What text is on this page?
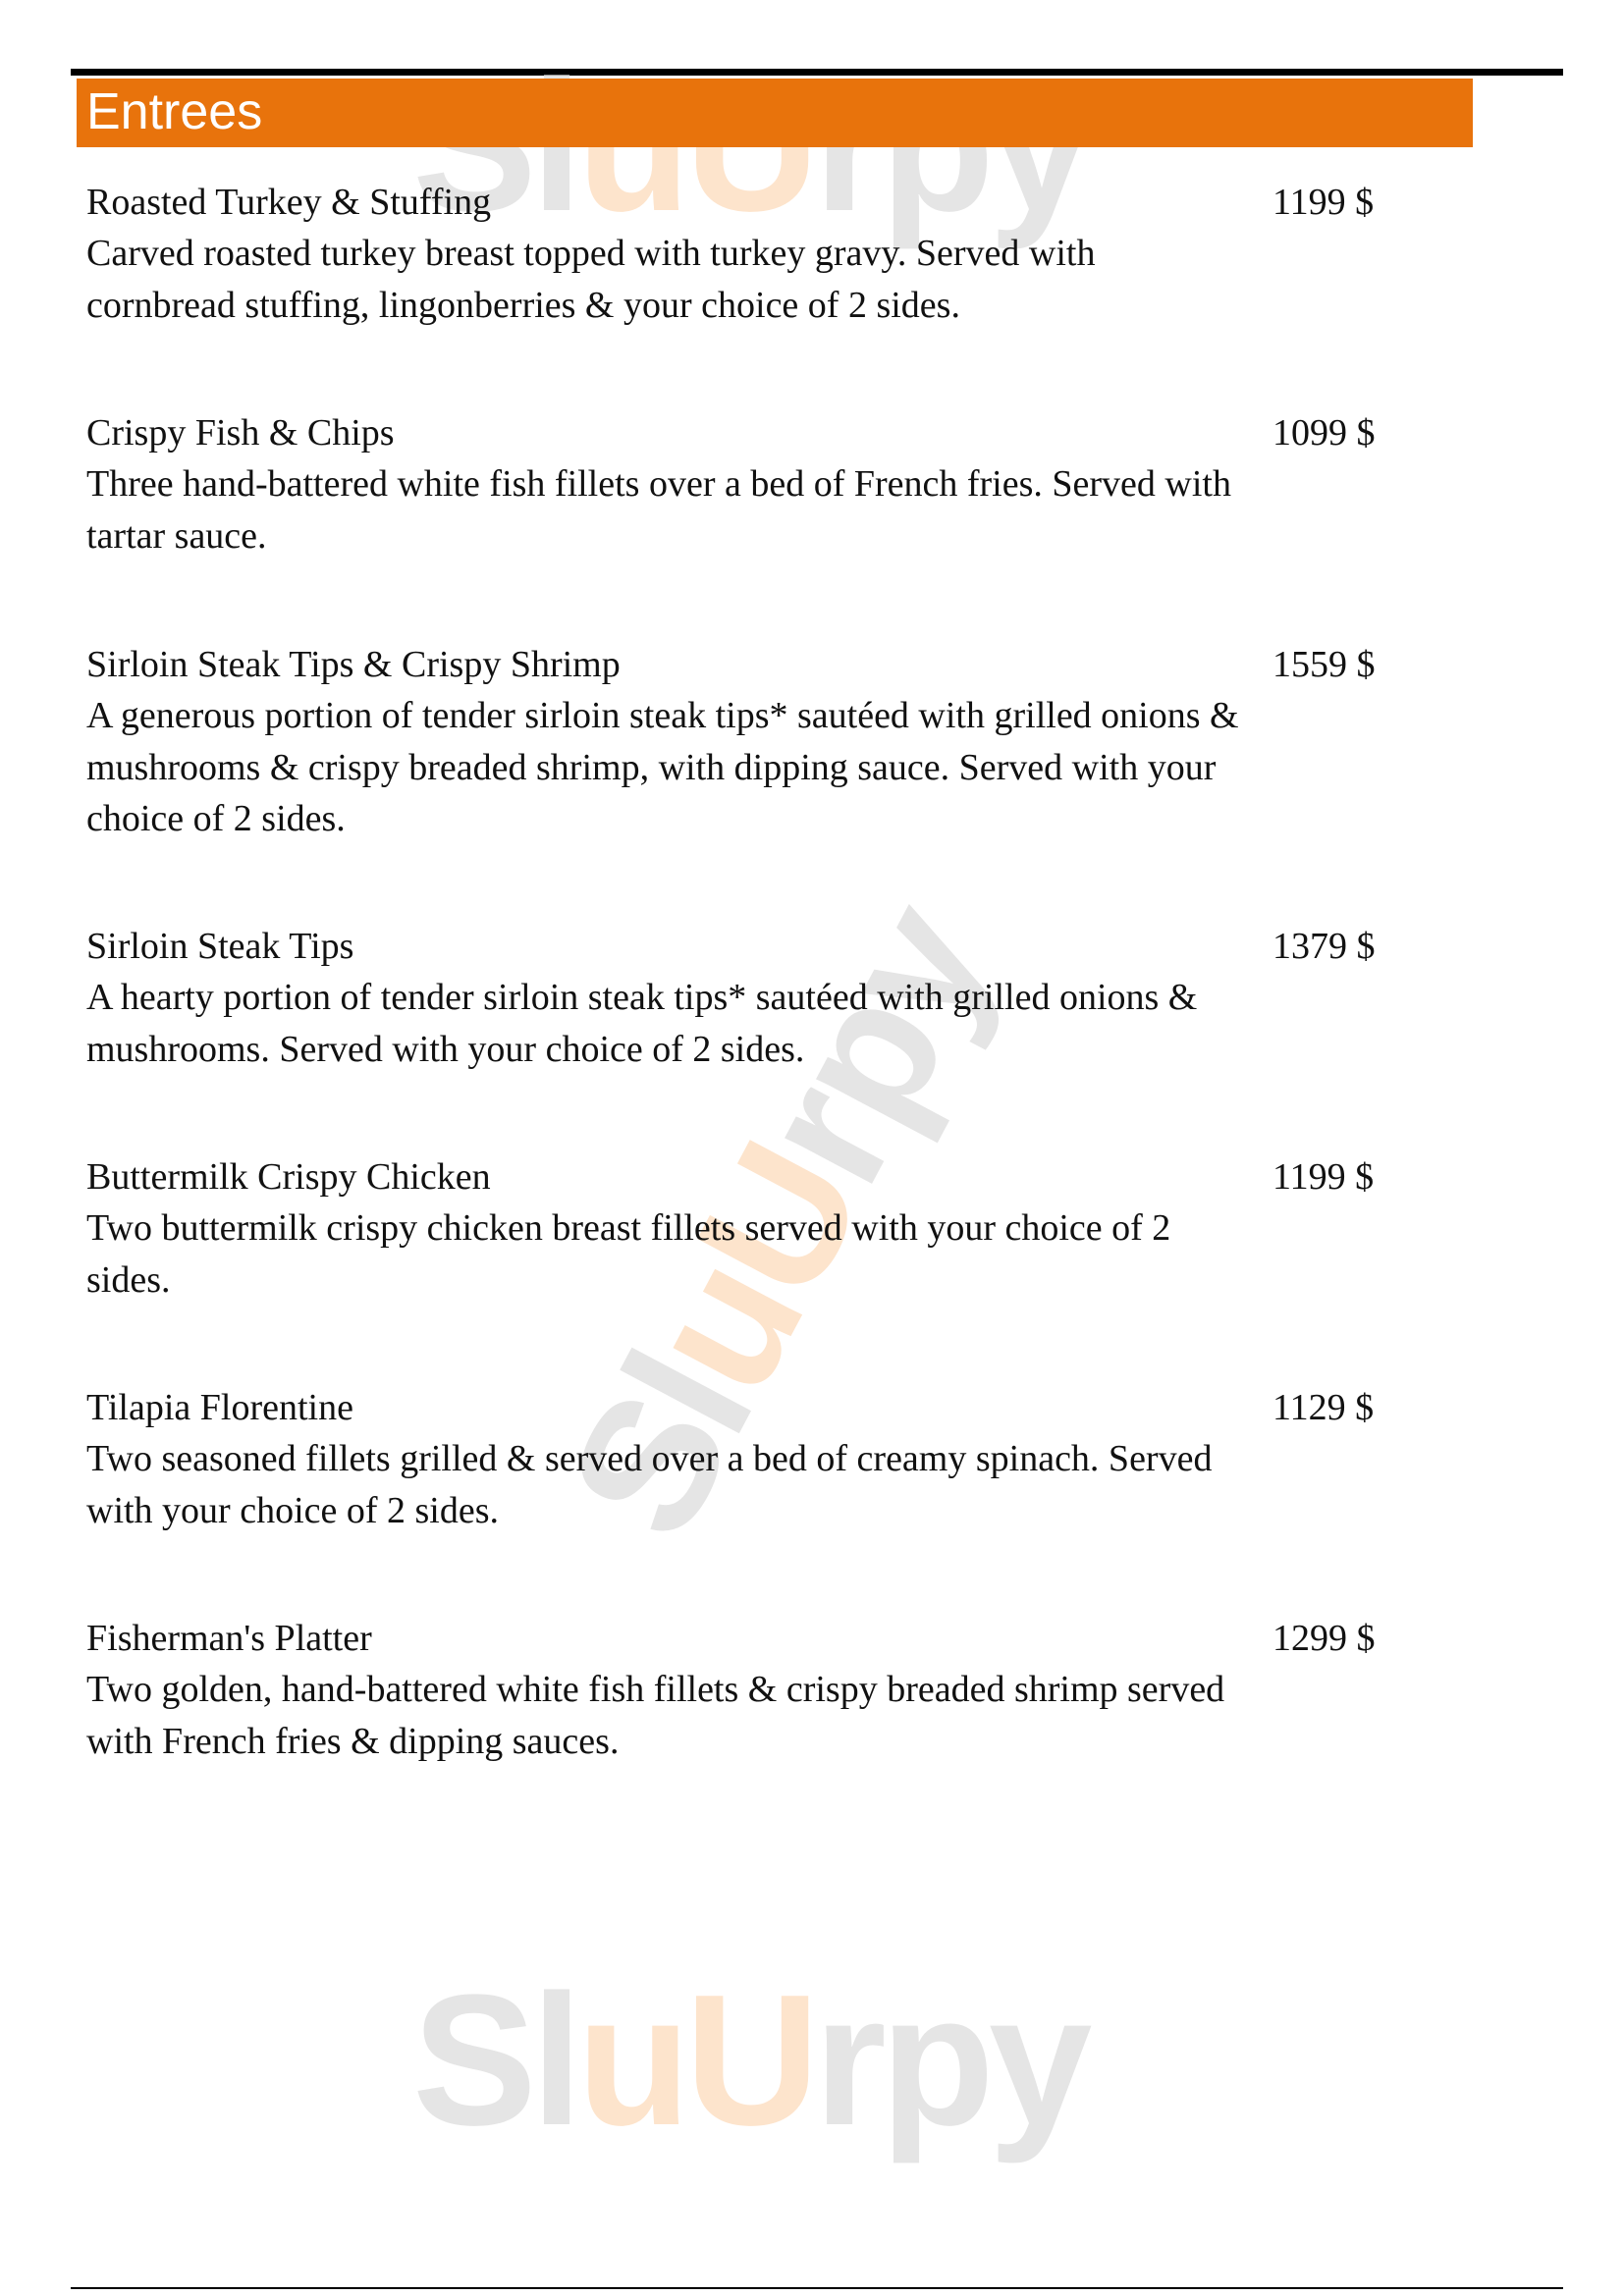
SluUrpy
SluUrpy
Entrees
Roasted Turkey & Stuffing	1199 $
Carved roasted turkey breast topped with turkey gravy. Served with cornbread stuffing, lingonberries & your choice of 2 sides.
Crispy Fish & Chips	1099 $
Three hand-battered white fish fillets over a bed of French fries. Served with tartar sauce.
Sirloin Steak Tips & Crispy Shrimp	1559 $
A generous portion of tender sirloin steak tips* sautéed with grilled onions & mushrooms & crispy breaded shrimp, with dipping sauce. Served with your choice of 2 sides.
Sirloin Steak Tips	1379 $
A hearty portion of tender sirloin steak tips* sautéed with grilled onions & mushrooms. Served with your choice of 2 sides.
Buttermilk Crispy Chicken	1199 $
Two buttermilk crispy chicken breast fillets served with your choice of 2 sides.
Tilapia Florentine	1129 $
Two seasoned fillets grilled & served over a bed of creamy spinach. Served with your choice of 2 sides.
Fisherman's Platter	1299 $
Two golden, hand-battered white fish fillets & crispy breaded shrimp served with French fries & dipping sauces.
